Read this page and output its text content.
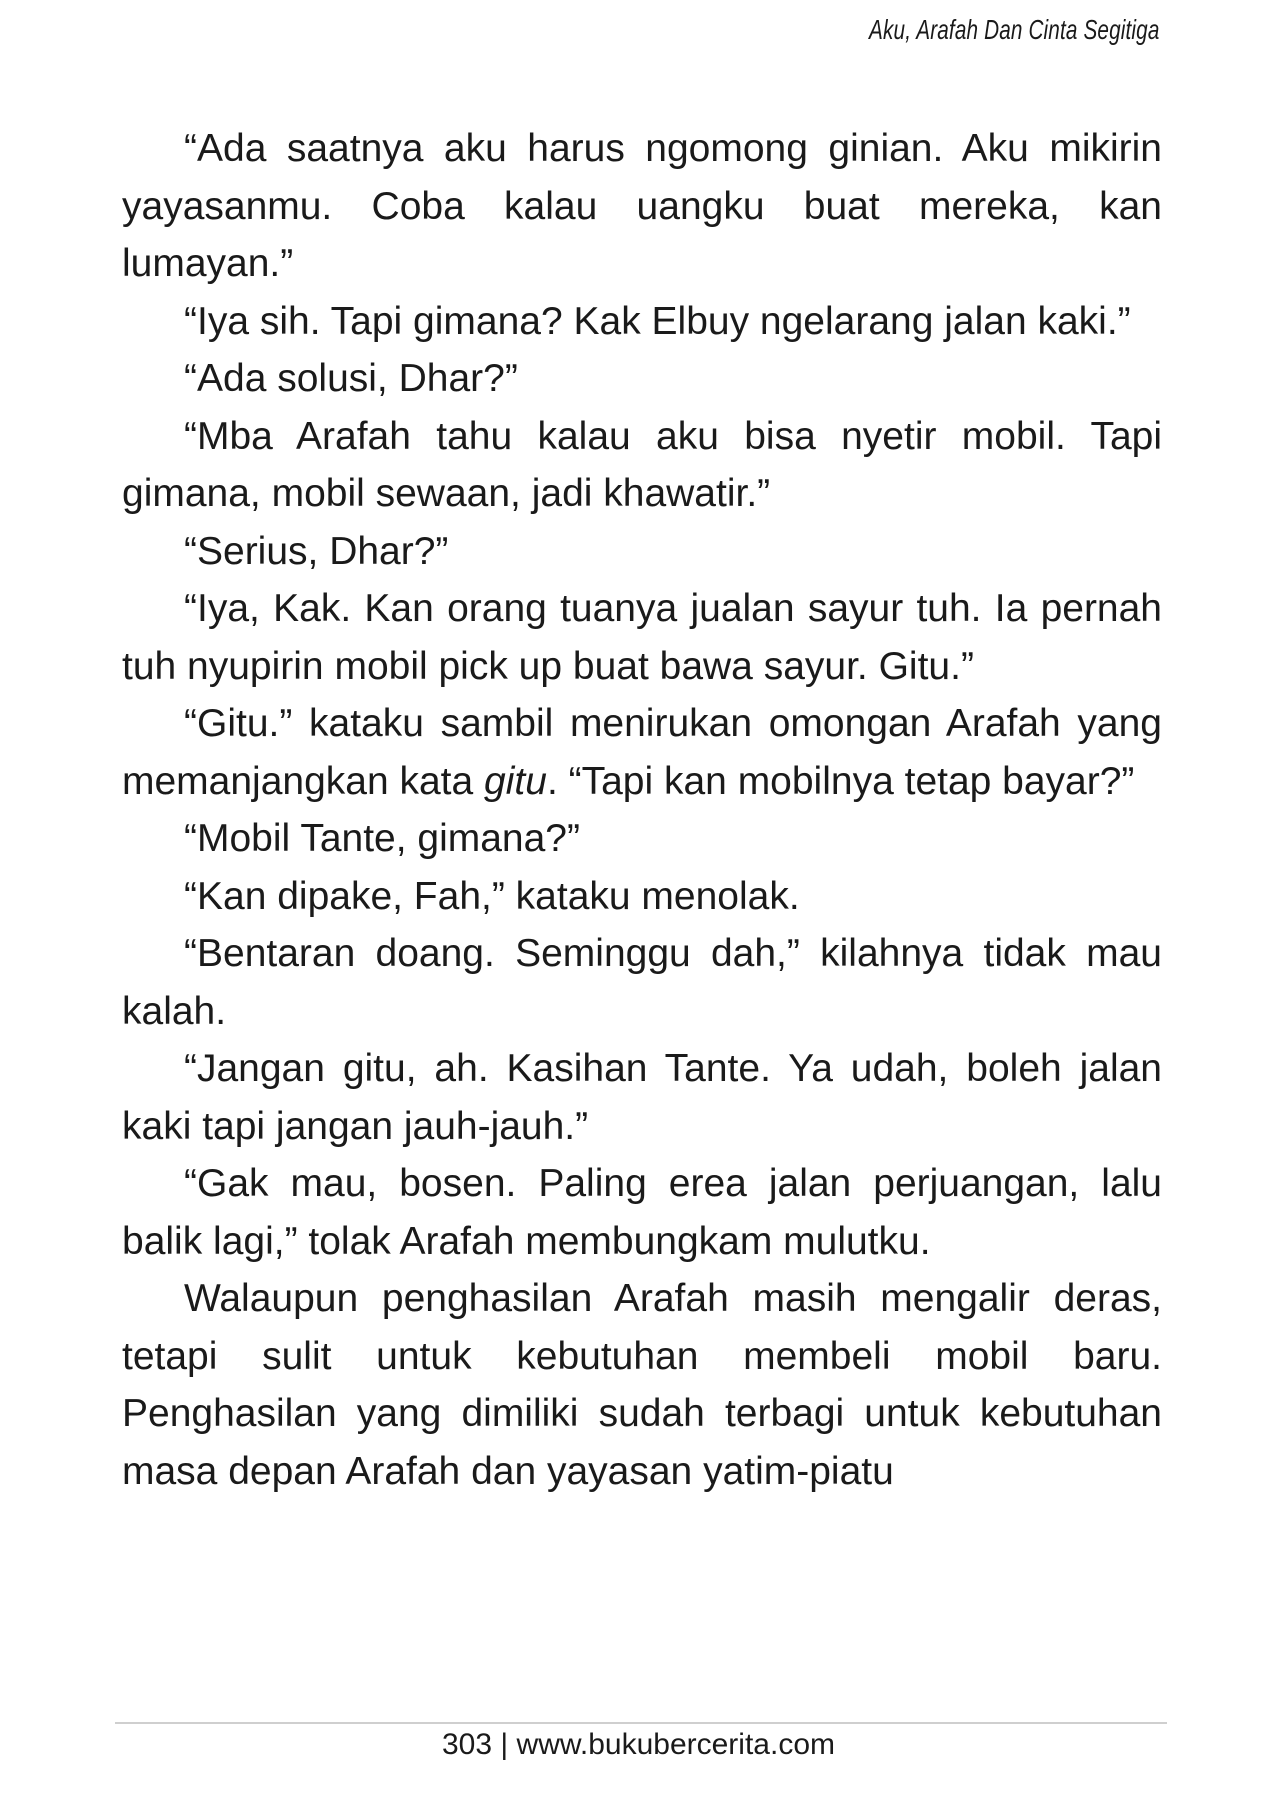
Aku, Arafah Dan Cinta Segitiga

“Ada saatnya aku harus ngomong ginian. Aku mikirin yayasanmu. Coba kalau uangku buat mereka, kan lumayan.”

“Iya sih. Tapi gimana? Kak Elbuy ngelarang jalan kaki.”

“Ada solusi, Dhar?”

“Mba Arafah tahu kalau aku bisa nyetir mobil. Tapi gimana, mobil sewaan, jadi khawatir.”

“Serius, Dhar?”

“Iya, Kak. Kan orang tuanya jualan sayur tuh. Ia pernah tuh nyupirin mobil pick up buat bawa sayur. Gitu.”

“Gitu.” kataku sambil menirukan omongan Arafah yang memanjangkan kata gitu. “Tapi kan mobilnya tetap bayar?”

“Mobil Tante, gimana?”

“Kan dipake, Fah,” kataku menolak.

“Bentaran doang. Seminggu dah,” kilahnya tidak mau kalah.

“Jangan gitu, ah. Kasihan Tante. Ya udah, boleh jalan kaki tapi jangan jauh-jauh.”

“Gak mau, bosen. Paling erea jalan perjuangan, lalu balik lagi,” tolak Arafah membungkam mulutku.

Walaupun penghasilan Arafah masih mengalir deras, tetapi sulit untuk kebutuhan membeli mobil baru. Penghasilan yang dimiliki sudah terbagi untuk kebutuhan masa depan Arafah dan yayasan yatim-piatu

303 | www.bukubercerita.com
